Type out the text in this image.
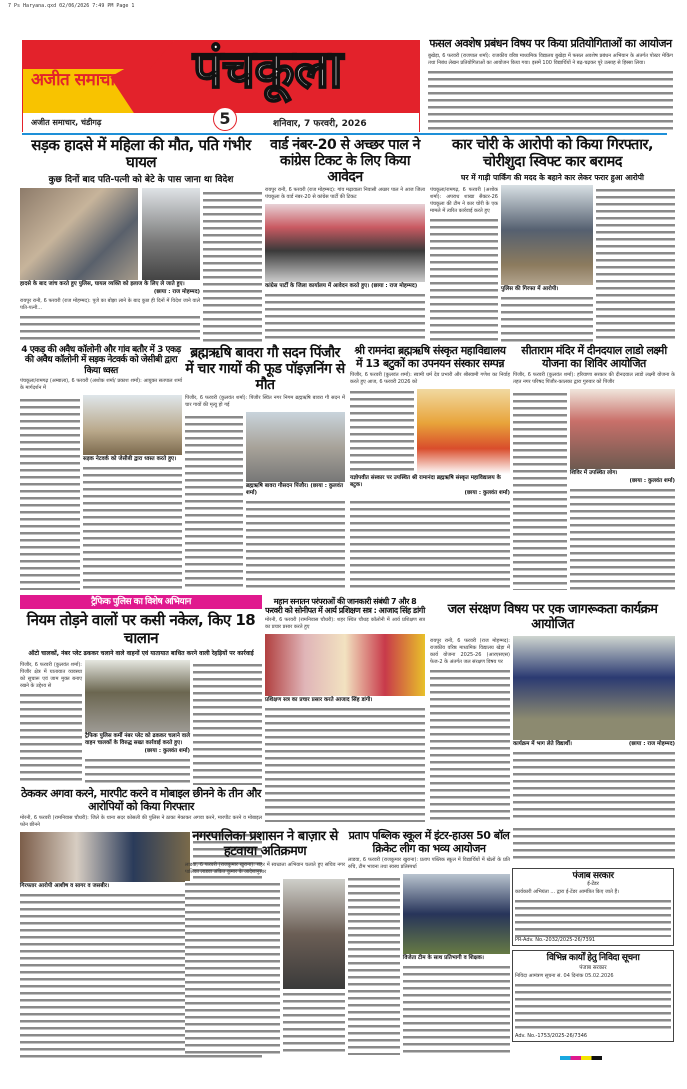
7 Ps Haryana.qxd 02/06/2026 7:49 PM Page 1
अजीत समाचार पंचकूला
अजीत समाचार, चंडीगढ़	5	शनिवार, 7 फरवरी, 2026
फसल अवशेष प्रबंधन विषय पर किया प्रतियोगिताओं का आयोजन
बुखेड़ा, 6 फरवरी (राजपाल शर्मा): राजकीय वरिष्ठ माध्यमिक विद्यालय बुखेड़ा में फसल अवशेष प्रबंधन अभियान के अंतर्गत पोस्टर मेकिंग तथा निबंध लेखन प्रतियोगिताओं का आयोजन किया गया। इसमें 100 विद्यार्थियों ने बढ़-चढ़कर पूरे उत्साह से हिस्सा लिया।
सड़क हादसे में महिला की मौत, पति गंभीर घायल
कुछ दिनों बाद पति-पत्नी को बेटे के पास जाना था विदेश
हादसे के बाद जांच करते हुए पुलिस, घायल व्यक्ति को इलाज के लिए ले जाते हुए।
(छाया : राज मोहम्मद)
रायपुर रानी, 6 फरवरी (राज मोहम्मद): पूजे का बोझा लाने के बाद कुछ ही दिनों में विदेश जाने वाले पति-पत्नी...
वार्ड नंबर-20 से अच्छर पाल ने कांग्रेस टिकट के लिए किया आवेदन
रायपुर रानी, 6 फरवरी (राज मोहम्मद): गांव मढ़ावाला निवासी अच्छर पाल ने आज जिला पंचकूला के वार्ड नंबर-20 से कांग्रेस पार्टी की टिकट
कांग्रेस पार्टी के जिला कार्यालय में आवेदन करते हुए। (छाया : राज मोहम्मद)
कार चोरी के आरोपी को किया गिरफ्तार, चोरीशुदा स्विफ्ट कार बरामद
घर में गाड़ी पार्किंग की मदद के बहाने कार लेकर फरार हुआ आरोपी
पंचकूला/रामगढ़, 6 फरवरी (अशोक शर्मा): अपराध शाखा सैक्टर-26 पंचकूला की टीम ने कार चोरी के एक मामले में त्वरित कार्रवाई करते हुए
पुलिस की गिरफ्त में आरोपी।
4 एकड़ की अवैध कॉलोनी और गांव बतौर में 3 एकड़ की अवैध कॉलोनी में सड़क नेटवर्क को जेसीबी द्वारा किया ध्वस्त
पंचकूला/रामगढ़ (अम्बाला), 6 फरवरी (अशोक शर्मा/ प्रकाश शर्मा): आयुक्त सतपाल शर्मा के मार्गदर्शन में
सड़क नेटवर्क को जेसीबी द्वारा ध्वस्त करते हुए।
ब्रह्मऋषि बावरा गौ सदन पिंजौर में चार गायों की फूड पॉइज़निंग से मौत
पिंजौर, 6 फरवरी (कुलवंत शर्मा): पिंजौर स्थित नगर निगम ब्रह्मऋषि बावरा गौ सदन में चार गायों की मृत्यु हो गई
ब्रह्मऋषि बावरा गौसदन पिंजौर। (छाया : कुलवंत शर्मा)
श्री रामनंदा ब्रह्मऋषि संस्कृत महाविद्यालय में 13 बटुकों का उपनयन संस्कार सम्पन्न
पिंजौर, 6 फरवरी (कुलवंत शर्मा): स्वामी धर्म देव प्रभारी और श्रीस्वामी गणेश का निर्वाह करते हुए आज, 6 फरवरी 2026 को
यज्ञोपवीत संस्कार पर उपस्थित श्री रामानंदा ब्रह्मऋषि संस्कृत महाविद्यालय के बटुक।
(छाया : कुलवंत शर्मा)
सीताराम मंदिर में दीनदयाल लाडो लक्ष्मी योजना का शिविर आयोजित
पिंजौर, 6 फरवरी (कुलवंत शर्मा): हरियाणा सरकार की दीनदयाल लाडो लक्ष्मी योजना के तहत नगर परिषद पिंजौर-कालका द्वारा गुरुवार को पिंजौर
शिविर में उपस्थित लोग।
(छाया : कुलवंत शर्मा)
ट्रैफिक पुलिस का विशेष अभियान
नियम तोड़ने वालों पर कसी नकेल, किए 18 चालान
ऑटो चालकों, नंबर प्लेट ढककर चलाने वाले वाहनों एवं यातायात बाधित करने वाली रेहड़ियों पर कार्रवाई
पिंजौर, 6 फरवरी (कुलवंत शर्मा): पिंजौर क्षेत्र में यातायात व्यवस्था को सुचारू एवं जाम मुक्त बनाए रखने के उद्देश्य से
ट्रैफिक पुलिस कर्मी नंबर प्लेट को ढककर चलाने वाले वाहन चालकों के विरुद्ध सख्त कार्रवाई करते हुए।
(छाया : कुलवंत शर्मा)
ठेककर अगवा करने, मारपीट करने व मोबाइल छीनने के तीन और आरोपियों को किया गिरफ्तार
मोरनी, 6 फरवरी (रामनिवास चौधरी): जिले के थाना सदर कोसली की पुलिस ने ठाका मेकाकर अगवा करने, मारपीट करने व मोबाइल फोन छीनने
गिरफ्तार आरोपी आशीष व सागर व जसबीर।
महान सनातन परंपराओं की जानकारी संबंधी 7 और 8 फरवरी को सोनीपत में आर्य प्रशिक्षण सत्र : आजाद सिंह डांगी
मोरनी, 6 फरवरी (रामनिवास चौधरी): शहर स्थित चौधड़ कॉलोनी में आर्य प्रशिक्षण सत्र का प्रचार प्रसार करते हुए
प्रशिक्षण सत्र का प्रचार प्रसार करते आजाद सिंह डांगी।
जल संरक्षण विषय पर एक जागरूकता कार्यक्रम आयोजित
रायपुर रानी, 6 फरवरी (राज मोहम्मद): राजकीय वरिष्ठ माध्यमिक विद्यालय खेड़ा में कार्य योजना 2025-26 (आरएसएस) फेज-2 के अंतर्गत जल संरक्षण विषय पर
कार्यक्रम में भाग लेते विद्यार्थी।	(छाया : राज मोहम्मद)
नगरपालिका प्रशासन ने बाज़ार से हटवाया अतिक्रमण
लाडवा, 6 फरवरी (राजकुमार खुराना): शहर में स्वच्छता अभियान चलाते हुए सचिव नगर पालिका लाडवा अंकित कुमार के आदेशानुसार
प्रताप पब्लिक स्कूल में इंटर-हाउस 50 बॉल क्रिकेट लीग का भव्य आयोजन
लाडवा, 6 फरवरी (राजकुमार खुराना): प्रताप पब्लिक स्कूल में विद्यार्थियों में खेलों के प्रति रुचि, टीम भावना तथा स्वस्थ प्रतिस्पर्धा
विजेता टीम के साथ प्रतिभागी व शिक्षक।
पंजाब सरकार
ई-टेंडर
कार्यकारी अभियंता ... द्वारा ई-टेंडर आमंत्रित किए जाते हैं।
PR-Adv. No.-2032/2025-26/7391
विभिन्न कार्यों हेतु निविदा सूचना
पंजाब सरकार
निविदा आमंत्रण सूचना सं. 04 दिनांक 05.02.2026
Adv. No.-1753/2025-26/7346
